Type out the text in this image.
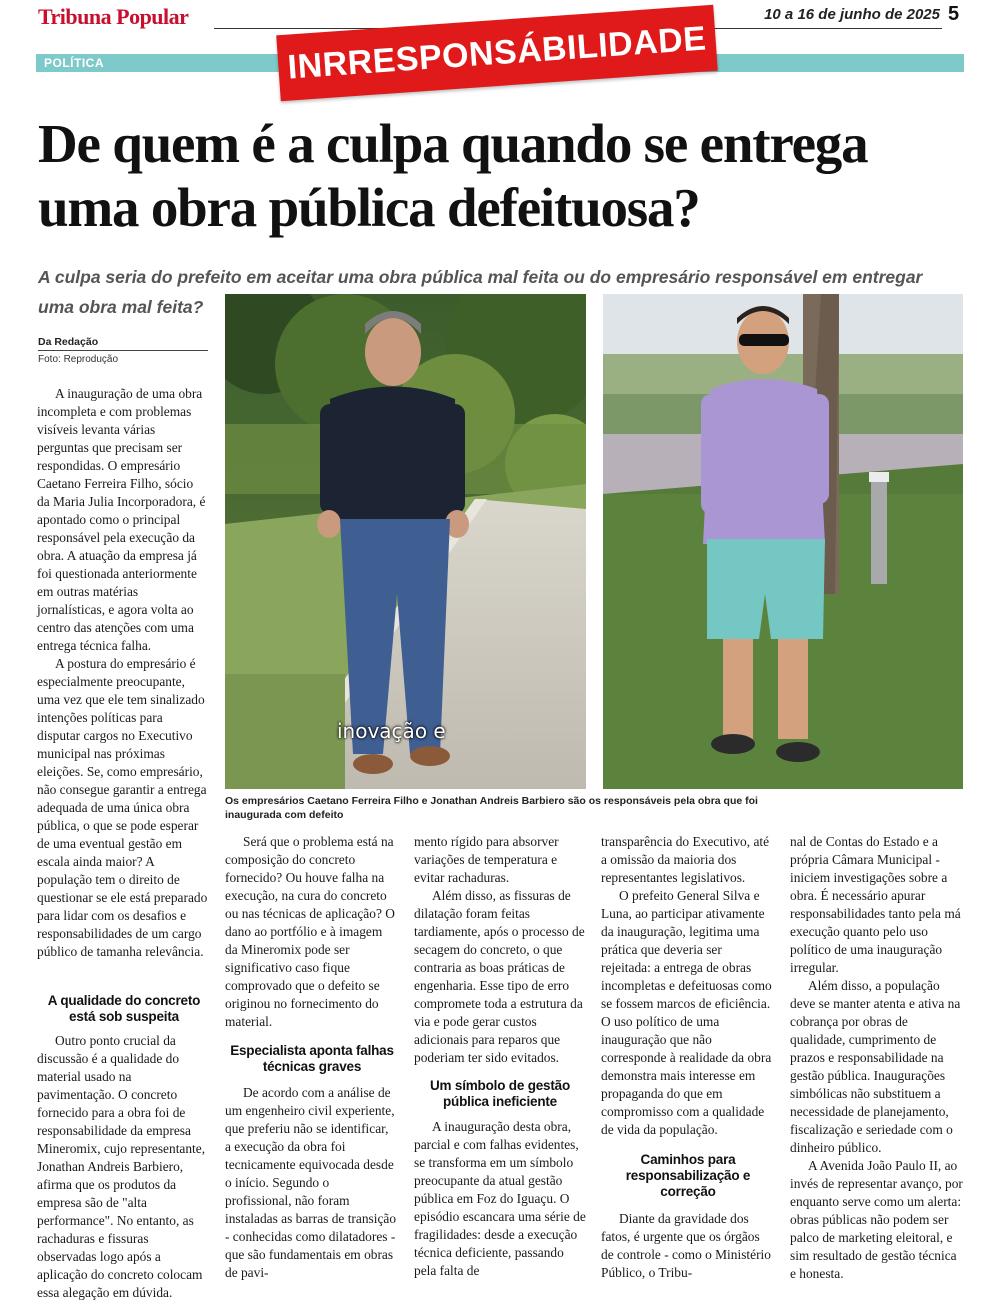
Tribuna Popular	10 a 16 de junho de 2025 5
POLÍTICA	INRRESPONSÁBILIDADE
De quem é a culpa quando se entrega uma obra pública defeituosa?
A culpa seria do prefeito em aceitar uma obra pública mal feita ou do empresário responsável em entregar uma obra mal feita?
Da Redação
Foto: Reprodução
inovação e
Os empresários Caetano Ferreira Filho e Jonathan Andreis Barbiero são os responsáveis pela obra que foi inaugurada com defeito

A inauguração de uma obra incompleta e com problemas visíveis levanta várias perguntas que precisam ser respondidas. O empresário Caetano Ferreira Filho, sócio da Maria Julia Incorporadora, é apontado como o principal responsável pela execução da obra. A atuação da empresa já foi questionada anteriormente em outras matérias jornalísticas, e agora volta ao centro das atenções com uma entrega técnica falha.

A postura do empresário é especialmente preocupante, uma vez que ele tem sinalizado intenções políticas para disputar cargos no Executivo municipal nas próximas eleições. Se, como empresário, não consegue garantir a entrega adequada de uma única obra pública, o que se pode esperar de uma eventual gestão em escala ainda maior? A população tem o direito de questionar se ele está preparado para lidar com os desafios e responsabilidades de um cargo público de tamanha relevância.

A qualidade do concreto está sob suspeita

Outro ponto crucial da discussão é a qualidade do material usado na pavimentação. O concreto fornecido para a obra foi de responsabilidade da empresa Mineromix, cujo representante, Jonathan Andreis Barbiero, afirma que os produtos da empresa são de "alta performance". No entanto, as rachaduras e fissuras observadas logo após a aplicação do concreto colocam essa alegação em dúvida.

Será que o problema está na composição do concreto fornecido? Ou houve falha na execução, na cura do concreto ou nas técnicas de aplicação? O dano ao portfólio e à imagem da Mineromix pode ser significativo caso fique comprovado que o defeito se originou no fornecimento do material.

Especialista aponta falhas técnicas graves

De acordo com a análise de um engenheiro civil experiente, que preferiu não se identificar, a execução da obra foi tecnicamente equivocada desde o início. Segundo o profissional, não foram instaladas as barras de transição - conhecidas como dilatadores - que são fundamentais em obras de pavi-

mento rígido para absorver variações de temperatura e evitar rachaduras.

Além disso, as fissuras de dilatação foram feitas tardiamente, após o processo de secagem do concreto, o que contraria as boas práticas de engenharia. Esse tipo de erro compromete toda a estrutura da via e pode gerar custos adicionais para reparos que poderiam ter sido evitados.

Um símbolo de gestão pública ineficiente

A inauguração desta obra, parcial e com falhas evidentes, se transforma em um símbolo preocupante da atual gestão pública em Foz do Iguaçu. O episódio escancara uma série de fragilidades: desde a execução técnica deficiente, passando pela falta de

transparência do Executivo, até a omissão da maioria dos representantes legislativos.

O prefeito General Silva e Luna, ao participar ativamente da inauguração, legitima uma prática que deveria ser rejeitada: a entrega de obras incompletas e defeituosas como se fossem marcos de eficiência. O uso político de uma inauguração que não corresponde à realidade da obra demonstra mais interesse em propaganda do que em compromisso com a qualidade de vida da população.

Caminhos para responsabilização e correção

Diante da gravidade dos fatos, é urgente que os órgãos de controle - como o Ministério Público, o Tribu-

nal de Contas do Estado e a própria Câmara Municipal - iniciem investigações sobre a obra. É necessário apurar responsabilidades tanto pela má execução quanto pelo uso político de uma inauguração irregular.

Além disso, a população deve se manter atenta e ativa na cobrança por obras de qualidade, cumprimento de prazos e responsabilidade na gestão pública. Inaugurações simbólicas não substituem a necessidade de planejamento, fiscalização e seriedade com o dinheiro público.

A Avenida João Paulo II, ao invés de representar avanço, por enquanto serve como um alerta: obras públicas não podem ser palco de marketing eleitoral, e sim resultado de gestão técnica e honesta.
